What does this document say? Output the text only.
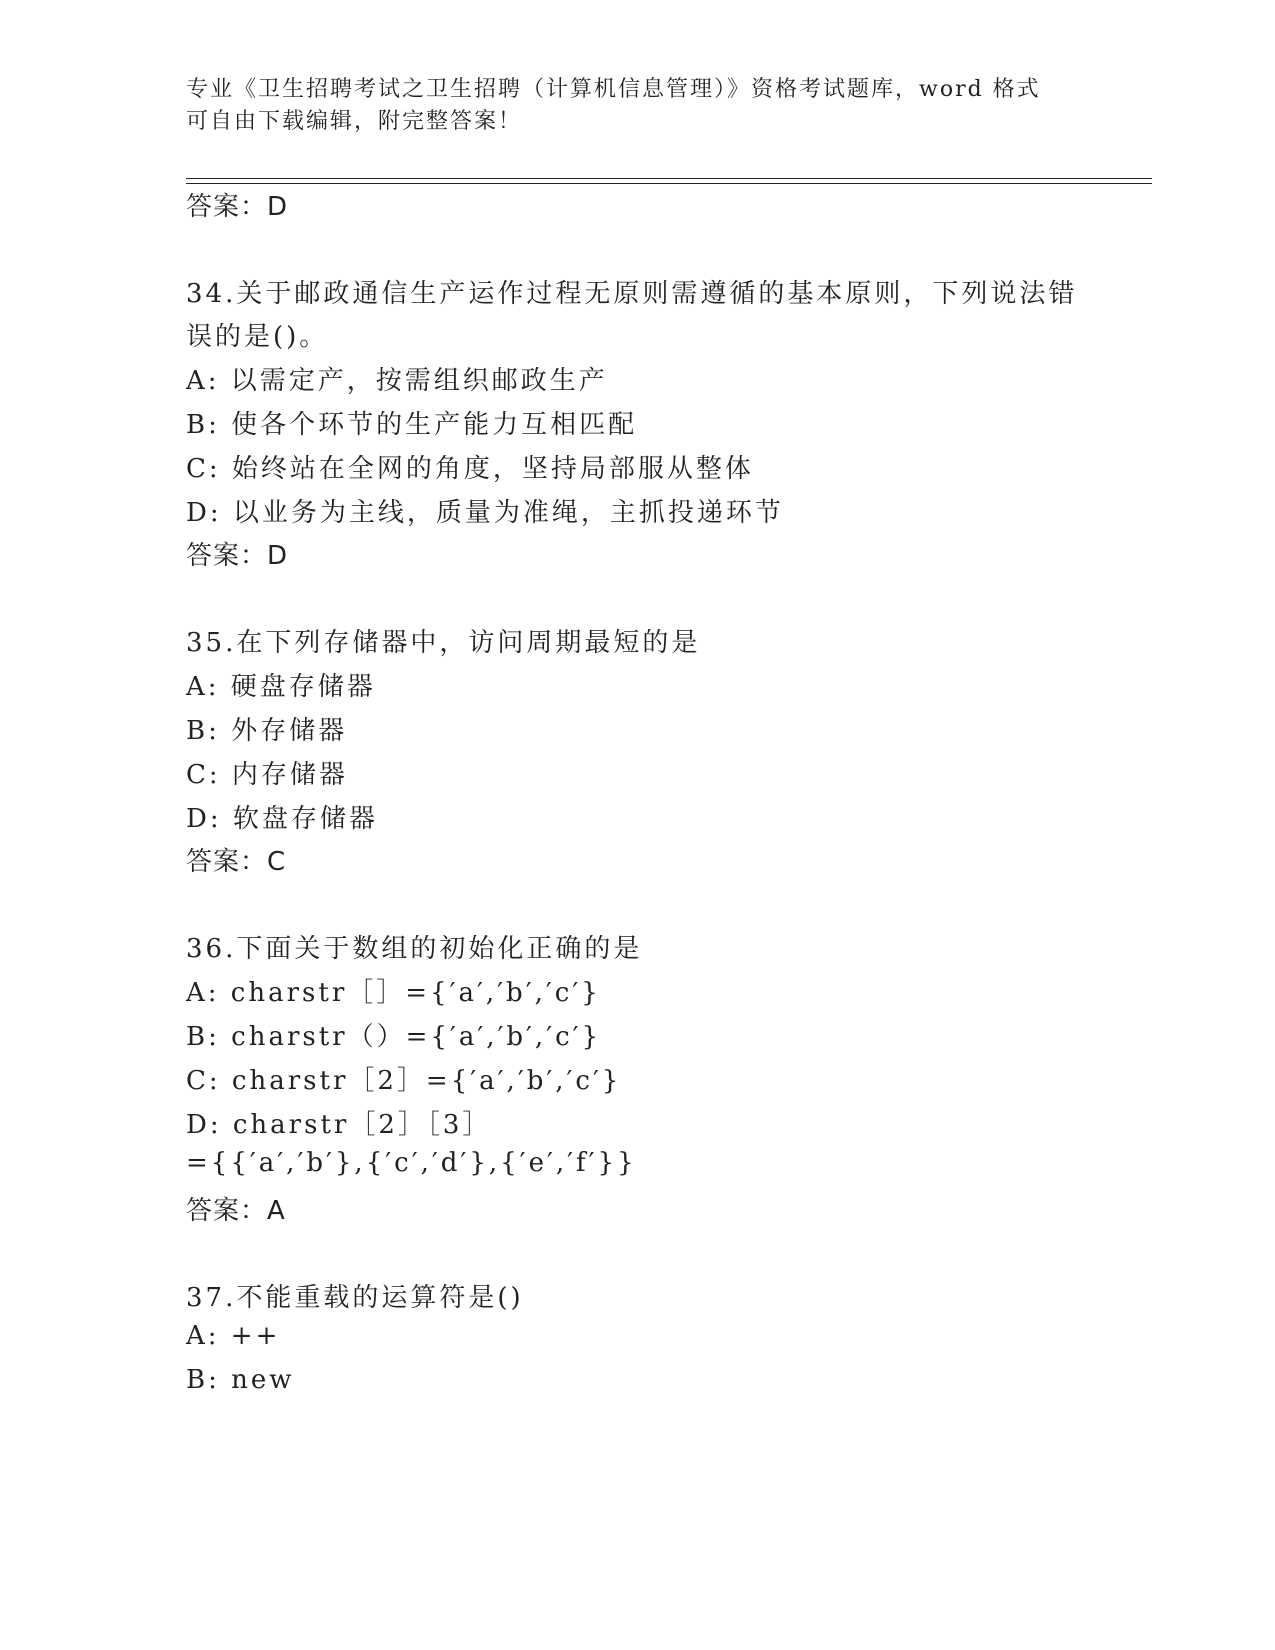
专业《卫生招聘考试之卫生招聘（计算机信息管理）》资格考试题库，word 格式
可自由下载编辑，附完整答案！
答案：D
34.关于邮政通信生产运作过程无原则需遵循的基本原则，下列说法错
误的是()。
A: 以需定产，按需组织邮政生产
B: 使各个环节的生产能力互相匹配
C: 始终站在全网的角度，坚持局部服从整体
D: 以业务为主线，质量为准绳，主抓投递环节
答案：D
35.在下列存储器中，访问周期最短的是
A: 硬盘存储器
B: 外存储器
C: 内存储器
D: 软盘存储器
答案：C
36.下面关于数组的初始化正确的是
A: charstr［］={′a′,′b′,′c′}
B: charstr（）={′a′,′b′,′c′}
C: charstr［2］={′a′,′b′,′c′}
D: charstr［2］［3］
={{′a′,′b′},{′c′,′d′},{′e′,′f′}}
答案：A
37.不能重载的运算符是()
A: ++
B: new
